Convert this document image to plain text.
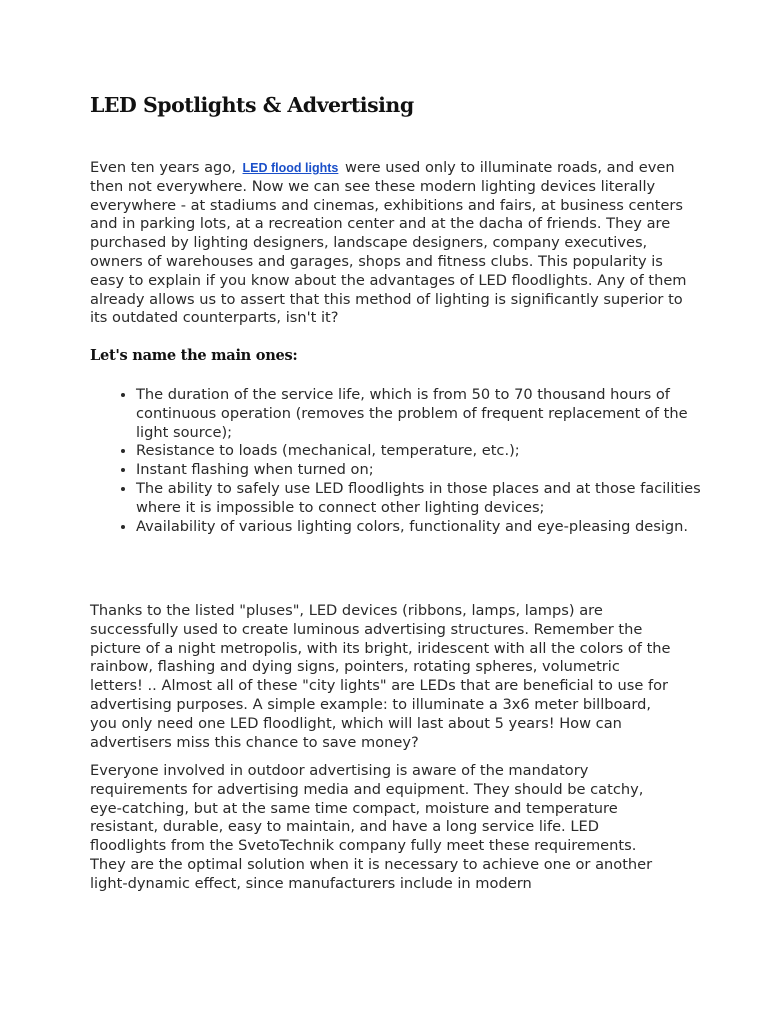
LED Spotlights & Advertising

Even ten years ago, LED flood lights were used only to illuminate roads, and even then not everywhere. Now we can see these modern lighting devices literally everywhere - at stadiums and cinemas, exhibitions and fairs, at business centers and in parking lots, at a recreation center and at the dacha of friends. They are purchased by lighting designers, landscape designers, company executives, owners of warehouses and garages, shops and fitness clubs. This popularity is easy to explain if you know about the advantages of LED floodlights. Any of them already allows us to assert that this method of lighting is significantly superior to its outdated counterparts, isn't it?

Let's name the main ones:
• The duration of the service life, which is from 50 to 70 thousand hours of continuous operation (removes the problem of frequent replacement of the light source);
• Resistance to loads (mechanical, temperature, etc.);
• Instant flashing when turned on;
• The ability to safely use LED floodlights in those places and at those facilities where it is impossible to connect other lighting devices;
• Availability of various lighting colors, functionality and eye-pleasing design.

Thanks to the listed "pluses", LED devices (ribbons, lamps, lamps) are successfully used to create luminous advertising structures. Remember the picture of a night metropolis, with its bright, iridescent with all the colors of the rainbow, flashing and dying signs, pointers, rotating spheres, volumetric letters! .. Almost all of these "city lights" are LEDs that are beneficial to use for advertising purposes. A simple example: to illuminate a 3x6 meter billboard, you only need one LED floodlight, which will last about 5 years! How can advertisers miss this chance to save money?

Everyone involved in outdoor advertising is aware of the mandatory requirements for advertising media and equipment. They should be catchy, eye-catching, but at the same time compact, moisture and temperature resistant, durable, easy to maintain, and have a long service life. LED floodlights from the SvetoTechnik company fully meet these requirements. They are the optimal solution when it is necessary to achieve one or another light-dynamic effect, since manufacturers include in modern
